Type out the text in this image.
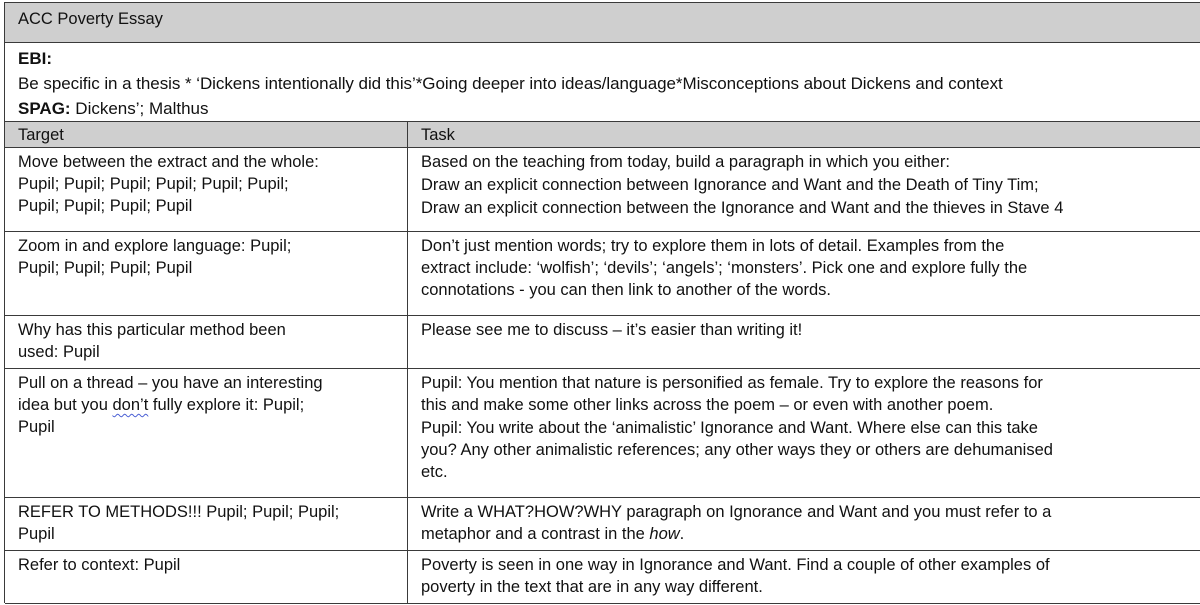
ACC Poverty Essay
EBI:
Be specific in a thesis * ‘Dickens intentionally did this’*Going deeper into ideas/language*Misconceptions about Dickens and context
SPAG: Dickens’; Malthus
Target	Task

Move between the extract and the whole:
Pupil; Pupil; Pupil; Pupil; Pupil; Pupil;
Pupil; Pupil; Pupil; Pupil

Based on the teaching from today, build a paragraph in which you either:

Draw an explicit connection between Ignorance and Want and the Death of Tiny Tim;

Draw an explicit connection between the Ignorance and Want and the thieves in Stave 4

Zoom in and explore language: Pupil;
Pupil; Pupil; Pupil; Pupil

Don’t just mention words; try to explore them in lots of detail. Examples from the
extract include: ‘wolfish’; ‘devils’; ‘angels’; ‘monsters’. Pick one and explore fully the
connotations - you can then link to another of the words.

Why has this particular method been
used: Pupil

Please see me to discuss – it’s easier than writing it!

Pull on a thread – you have an interesting
idea but you don’t fully explore it: Pupil;
Pupil

Pupil: You mention that nature is personified as female. Try to explore the reasons for
this and make some other links across the poem – or even with another poem.

Pupil: You write about the ‘animalistic’ Ignorance and Want. Where else can this take
you? Any other animalistic references; any other ways they or others are dehumanised
etc.

REFER TO METHODS!!! Pupil; Pupil; Pupil;
Pupil

Write a WHAT?HOW?WHY paragraph on Ignorance and Want and you must refer to a
metaphor and a contrast in the how.

Refer to context: Pupil	Poverty is seen in one way in Ignorance and Want. Find a couple of other examples of
poverty in the text that are in any way different.
